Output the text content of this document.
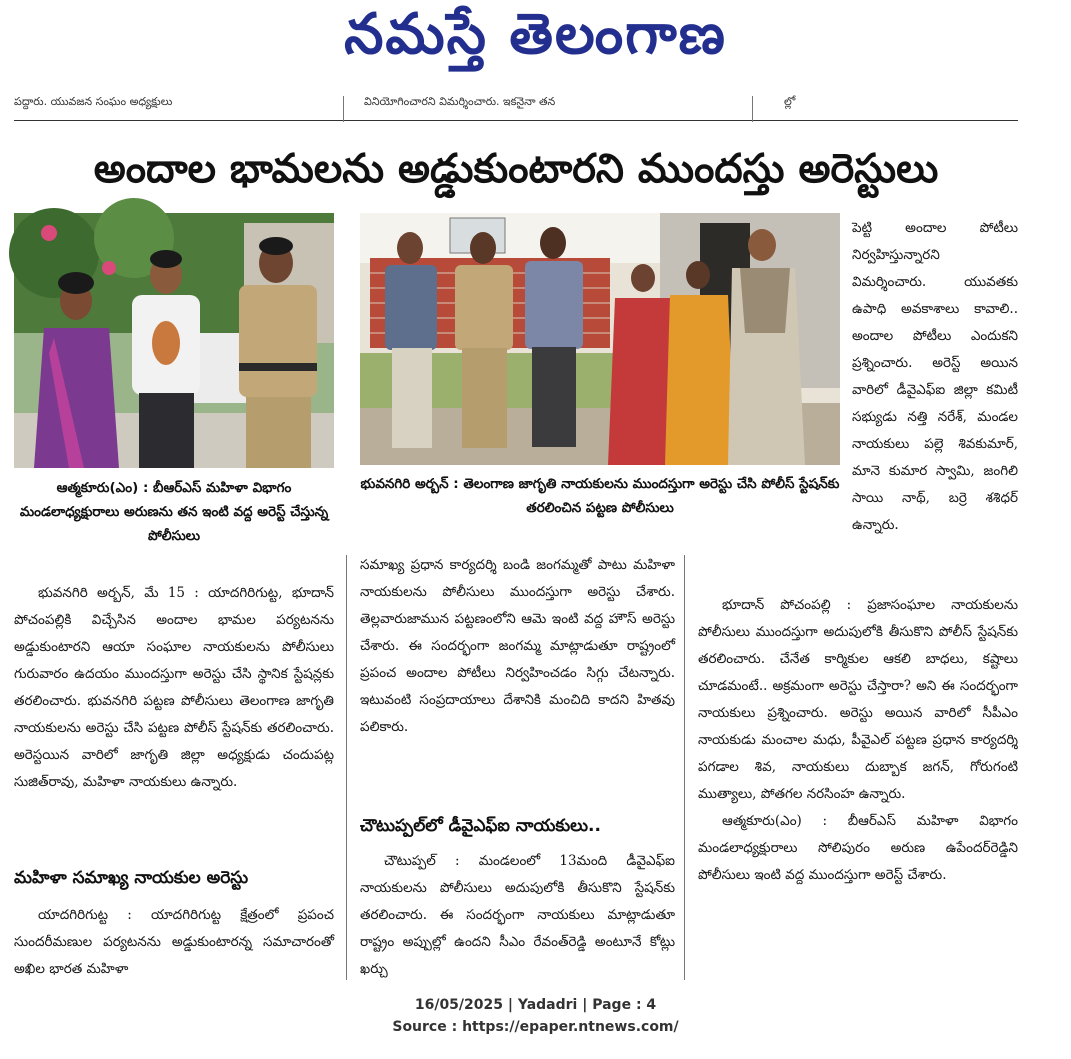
నమస్తే తెలంగాణ
పద్దారు. యువజన సంఘం అధ్యక్షులు	వినియోగించారని విమర్శించారు. ఇకనైనా తన	ల్లో
అందాల భామలను అడ్డుకుంటారని ముందస్తు అరెస్టులు
ఆత్మకూరు(ఎం) : బీఆర్ఎస్ మహిళా విభాగం మండలాధ్యక్షురాలు అరుణను తన ఇంటి వద్ద అరెస్ట్ చేస్తున్న పోలీసులు
భువనగిరి అర్బన్ : తెలంగాణ జాగృతి నాయకులను ముందస్తుగా అరెస్టు చేసి పోలీస్ స్టేషన్‌కు తరలించిన పట్టణ పోలీసులు

భువనగిరి అర్బన్, మే 15 : యాదగిరిగుట్ట, భూదాన్ పోచంపల్లికి విచ్చేసిన అందాల భామల పర్యటనను అడ్డుకుంటారని ఆయా సంఘాల నాయకులను పోలీసులు గురువారం ఉదయం ముందస్తుగా అరెస్టు చేసి స్థానిక స్టేషన్లకు తరలించారు. భువనగిరి పట్టణ పోలీసులు తెలంగాణ జాగృతి నాయకులను అరెస్టు చేసి పట్టణ పోలీస్ స్టేషన్‌కు తరలించారు. అరెస్టయిన వారిలో జాగృతి జిల్లా అధ్యక్షుడు చందుపట్ల సుజిత్‌రావు, మహిళా నాయకులు ఉన్నారు.

మహిళా సమాఖ్య నాయకుల అరెస్టు

యాదగిరిగుట్ట : యాదగిరిగుట్ట క్షేత్రంలో ప్రపంచ సుందరీమణుల పర్యటనను అడ్డుకుంటారన్న సమాచారంతో అఖిల భారత మహిళా

సమాఖ్య ప్రధాన కార్యదర్శి బండి జంగమ్మతో పాటు మహిళా నాయకులను పోలీసులు ముందస్తుగా అరెస్టు చేశారు. తెల్లవారుజామున పట్టణంలోని ఆమె ఇంటి వద్ద హౌస్ అరెస్టు చేశారు. ఈ సందర్భంగా జంగమ్మ మాట్లాడుతూ రాష్ట్రంలో ప్రపంచ అందాల పోటీలు నిర్వహించడం సిగ్గు చేటన్నారు. ఇటువంటి సంప్రదాయాలు దేశానికి మంచిది కాదని హితవు పలికారు.

చౌటుప్పల్‌లో డీవైఎఫ్‌ఐ నాయకులు..

చౌటుప్పల్ : మండలంలో 13మంది డీవైఎఫ్ఐ నాయకులను పోలీసులు అదుపులోకి తీసుకొని స్టేషన్‌కు తరలించారు. ఈ సందర్భంగా నాయకులు మాట్లాడుతూ రాష్ట్రం అప్పుల్లో ఉందని సీఎం రేవంత్‌రెడ్డి అంటూనే కోట్లు ఖర్చు

పెట్టి అందాల పోటీలు నిర్వహిస్తున్నారని విమర్శించారు. యువతకు ఉపాధి అవకాశాలు కావాలి.. అందాల పోటీలు ఎందుకని ప్రశ్నించారు. అరెస్ట్ అయిన వారిలో డీవైఎఫ్ఐ జిల్లా కమిటీ సభ్యుడు నత్తి నరేశ్, మండల నాయకులు పల్లె శివకుమార్, మానె కుమార స్వామి, జంగిలి సాయి నాథ్, బర్రె శశిధర్ ఉన్నారు.

భూదాన్ పోచంపల్లి : ప్రజాసంఘాల నాయకులను పోలీసులు ముందస్తుగా అదుపులోకి తీసుకొని పోలీస్ స్టేషన్‌కు తరలించారు. చేనేత కార్మికుల ఆకలి బాధలు, కష్టాలు చూడమంటే.. అక్రమంగా అరెస్టు చేస్తారా? అని ఈ సందర్భంగా నాయకులు ప్రశ్నించారు. అరెస్టు అయిన వారిలో సీపీఎం నాయకుడు మంచాల మధు, పీవైఎల్ పట్టణ ప్రధాన కార్యదర్శి పగడాల శివ, నాయకులు దుబ్బాక జగన్, గోరుగంటి ముత్యాలు, పోతగల నరసింహ ఉన్నారు.

ఆత్మకూరు(ఎం) : బీఆర్ఎస్ మహిళా విభాగం మండలాధ్యక్షురాలు సోలిపురం అరుణ ఉపేందర్‌రెడ్డిని పోలీసులు ఇంటి వద్ద ముందస్తుగా అరెస్ట్ చేశారు.

16/05/2025 | Yadadri | Page : 4
Source : https://epaper.ntnews.com/
